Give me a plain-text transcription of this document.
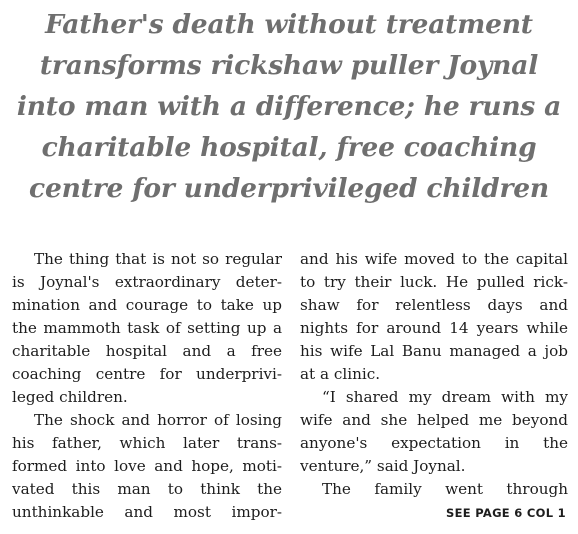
Father's death without treatment
transforms rickshaw puller Joynal
into man with a difference; he runs a
charitable hospital, free coaching
centre for underprivileged children
The thing that is not so regular
is Joynal's extraordinary deter-
mination and courage to take up
the mammoth task of setting up a
charitable hospital and a free
coaching centre for underprivi-
leged children.
The shock and horror of losing
his father, which later trans-
formed into love and hope, moti-
vated this man to think the
unthinkable and most impor-
and his wife moved to the capital
to try their luck. He pulled rick-
shaw for relentless days and
nights for around 14 years while
his wife Lal Banu managed a job
at a clinic.
“I shared my dream with my
wife and she helped me beyond
anyone's expectation in the
venture,” said Joynal.
The family went through
SEE PAGE 6 COL 1
